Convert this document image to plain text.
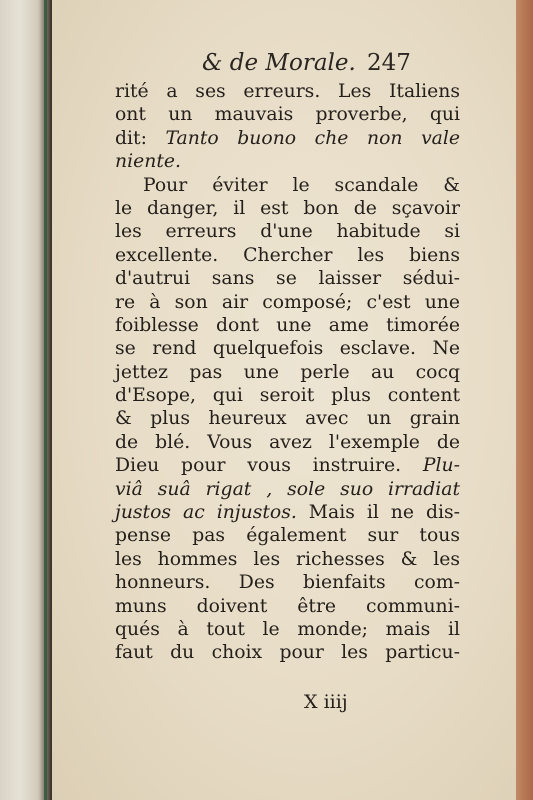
& de Morale. 247
rité a ses erreurs. Les Italiens
ont un mauvais proverbe, qui
dit: Tanto buono che non vale
niente.
Pour éviter le scandale &
le danger, il est bon de sçavoir
les erreurs d'une habitude si
excellente. Chercher les biens
d'autrui sans se laisser sédui-
re à son air composé; c'est une
foiblesse dont une ame timorée
se rend quelquefois esclave. Ne
jettez pas une perle au cocq
d'Esope, qui seroit plus content
& plus heureux avec un grain
de blé. Vous avez l'exemple de
Dieu pour vous instruire. Plu-
viâ suâ rigat , sole suo irradiat
justos ac injustos. Mais il ne dis-
pense pas également sur tous
les hommes les richesses & les
honneurs. Des bienfaits com-
muns doivent être communi-
qués à tout le monde; mais il
faut du choix pour les particu-
X iiij
